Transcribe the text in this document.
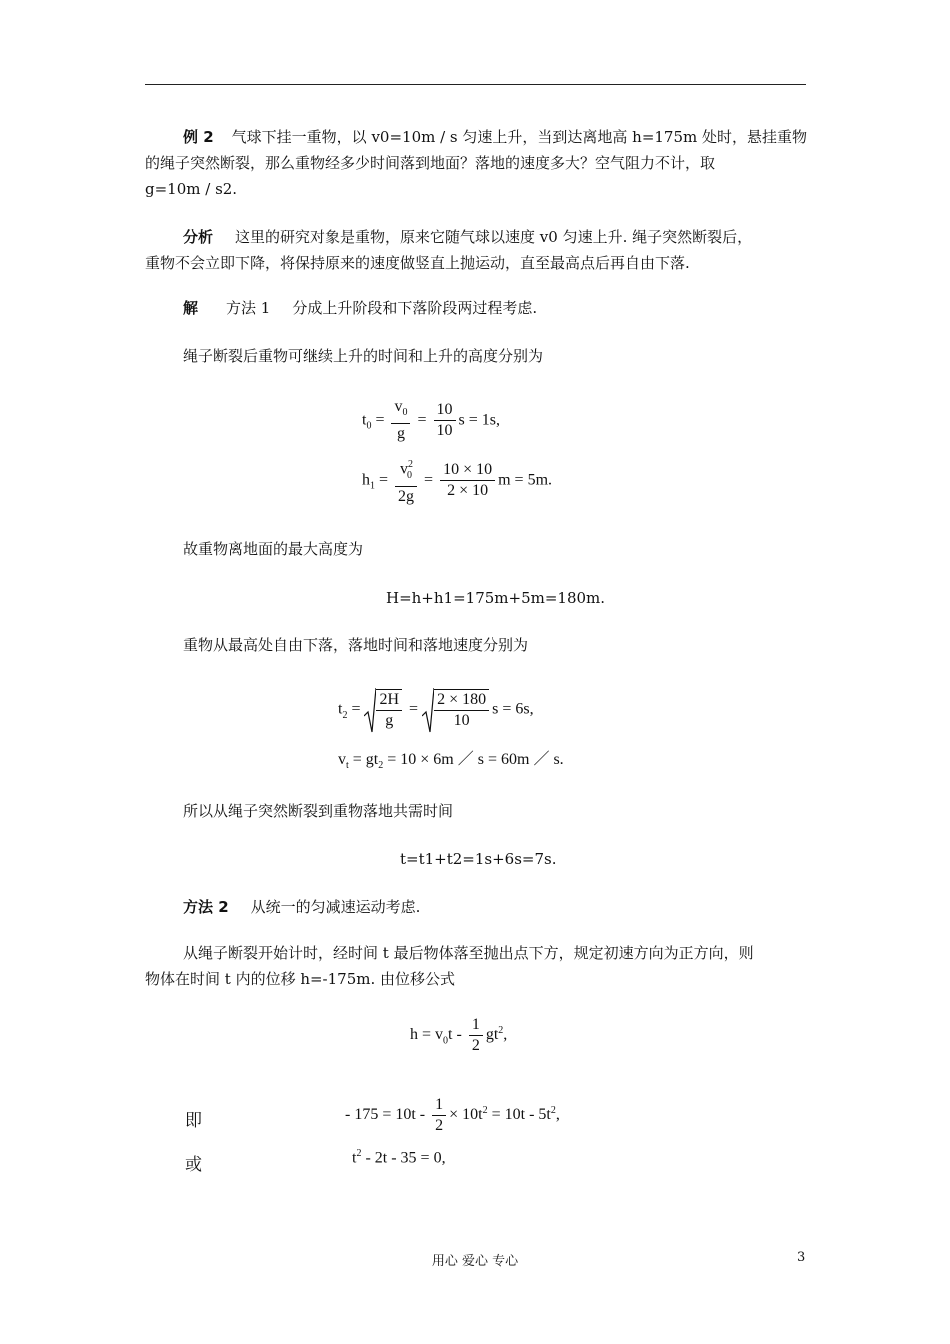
例 2 气球下挂一重物，以 v0=10m / s 匀速上升，当到达离地高 h=175m 处时，悬挂重物

的绳子突然断裂，那么重物经多少时间落到地面？落地的速度多大？空气阻力不计，取

g=10m / s2.

分析 这里的研究对象是重物，原来它随气球以速度 v0 匀速上升. 绳子突然断裂后，

重物不会立即下降，将保持原来的速度做竖直上抛运动，直至最高点后再自由下落.

解 方法 1 分成上升阶段和下落阶段两过程考虑.

绳子断裂后重物可继续上升的时间和上升的高度分别为

$t_0 = \frac{v_0}{g} = \frac{10}{10}$ s = 1s,
$h_1 = \frac{v^2_0}{2g} = \frac{10 \times 10}{2 \times 10}$ m = 5m.

故重物离地面的最大高度为

H=h+h1=175m+5m=180m.

重物从最高处自由下落，落地时间和落地速度分别为

$t_2 = \frac{2H}{g} = \frac{2 \times 180}{10}$ s = 6s,
$v_t = gt_2 = 10 \times 6m$ ／ s = 60m ／ s.

所以从绳子突然断裂到重物落地共需时间

t=t1+t2=1s+6s=7s.

方法 2 从统一的匀减速运动考虑.

从绳子断裂开始计时，经时间 t 最后物体落至抛出点下方，规定初速方向为正方向，则

物体在时间 t 内的位移 h=-175m. 由位移公式

$h = v_0t - \frac{1}{2} gt^2$,
即	- $175 = 10t - \frac{1}{2} \times 10t^2 = 10t - 5t^2$,
或	$t^2 - 2t - 35 = 0$,
用心 爱心 专心	3
